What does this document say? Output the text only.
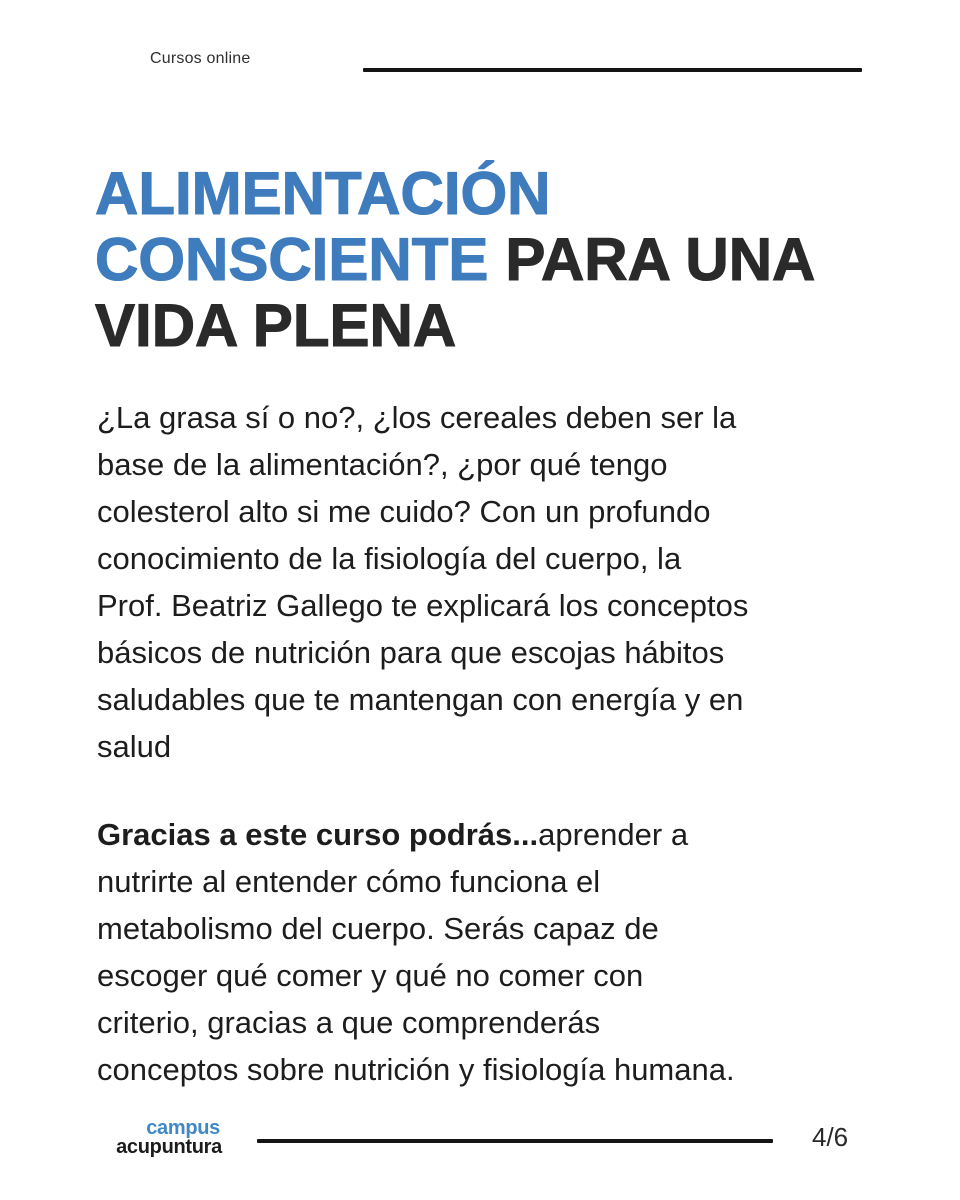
Cursos online
ALIMENTACIÓN
CONSCIENTE PARA UNA
VIDA PLENA
¿La grasa sí o no?, ¿los cereales deben ser la
base de la alimentación?, ¿por qué tengo
colesterol alto si me cuido? Con un profundo
conocimiento de la fisiología del cuerpo, la
Prof. Beatriz Gallego te explicará los conceptos
básicos de nutrición para que escojas hábitos
saludables que te mantengan con energía y en
salud
Gracias a este curso podrás...aprender a
nutrirte al entender cómo funciona el
metabolismo del cuerpo. Serás capaz de
escoger qué comer y qué no comer con
criterio, gracias a que comprenderás
conceptos sobre nutrición y fisiología humana.
campus
acupuntura	4/6
